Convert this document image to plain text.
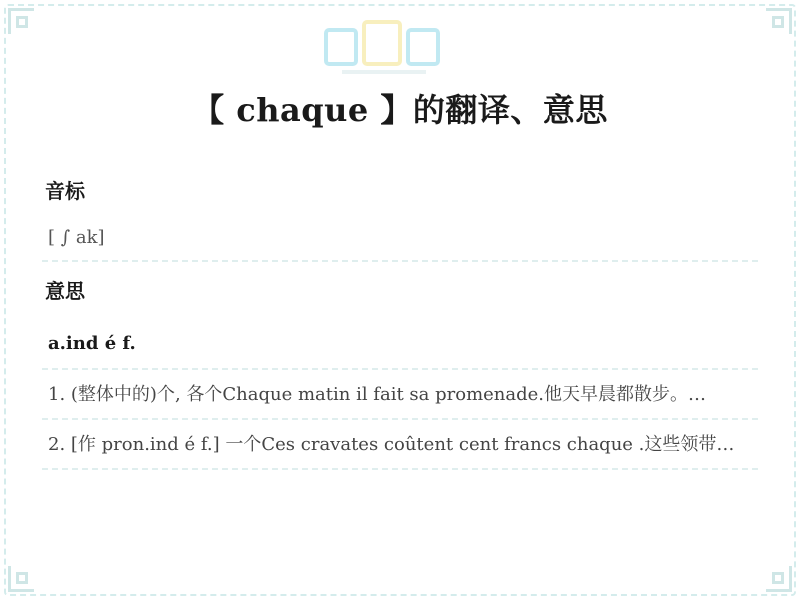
【 chaque 】的翻译、意思
音标
[ ∫ ak]
意思
a.ind é f.
1. (整体中的)个, 各个Chaque matin il fait sa promenade.他天早晨都散步。…
2. [作 pron.ind é f.] 一个Ces cravates coûtent cent francs chaque .这些领带…
